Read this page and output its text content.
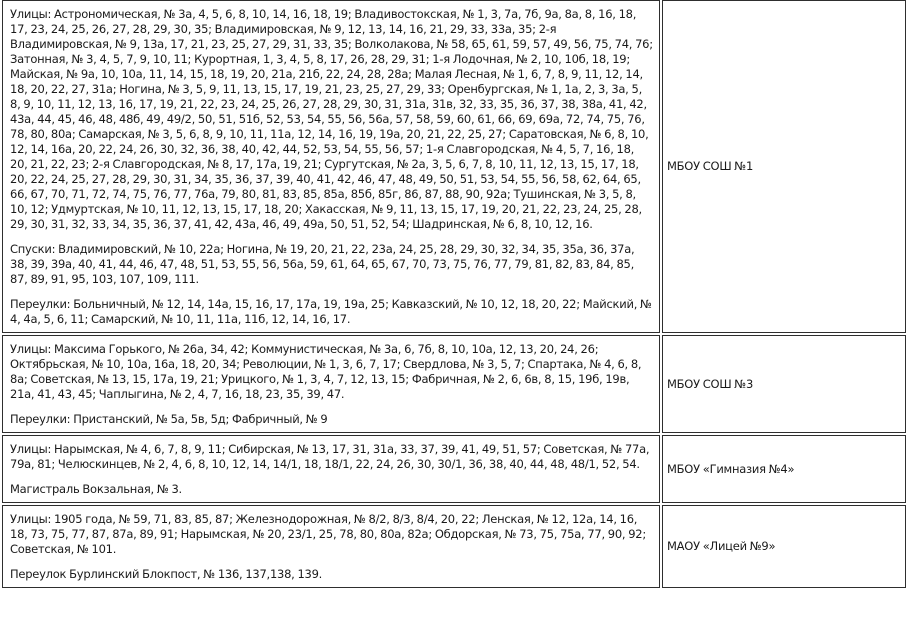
Улицы: Астрономическая, № 3а, 4, 5, 6, 8, 10, 14, 16, 18, 19; Владивостокская, № 1, 3, 7а, 7б, 9а, 8а, 8, 16, 18, 17, 23, 24, 25, 26, 27, 28, 29, 30, 35; Владимировская, № 9, 12, 13, 14, 16, 21, 29, 33, 33а, 35; 2-я Владимировская, № 9, 13а, 17, 21, 23, 25, 27, 29, 31, 33, 35; Волколакова, № 58, 65, 61, 59, 57, 49, 56, 75, 74, 76; Затонная, № 3, 4, 5, 7, 9, 10, 11; Курортная, 1, 3, 4, 5, 8, 17, 26, 28, 29, 31; 1-я Лодочная, № 2, 10, 10б, 18, 19; Майская, № 9а, 10, 10а, 11, 14, 15, 18, 19, 20, 21а, 21б, 22, 24, 28, 28а; Малая Лесная, № 1, 6, 7, 8, 9, 11, 12, 14, 18, 20, 22, 27, 31а; Ногина, № 3, 5, 9, 11, 13, 15, 17, 19, 21, 23, 25, 27, 29, 33; Оренбургская, № 1, 1а, 2, 3, 3а, 5, 8, 9, 10, 11, 12, 13, 16, 17, 19, 21, 22, 23, 24, 25, 26, 27, 28, 29, 30, 31, 31а, 31в, 32, 33, 35, 36, 37, 38, 38а, 41, 42, 43а, 44, 45, 46, 48, 48б, 49, 49/2, 50, 51, 51б, 52, 53, 54, 55, 56, 56а, 57, 58, 59, 60, 61, 66, 69, 69а, 72, 74, 75, 76, 78, 80, 80а; Самарская, № 3, 5, 6, 8, 9, 10, 11, 11а, 12, 14, 16, 19, 19а, 20, 21, 22, 25, 27; Саратовская, № 6, 8, 10, 12, 14, 16а, 20, 22, 24, 26, 30, 32, 36, 38, 40, 42, 44, 52, 53, 54, 55, 56, 57; 1-я Славгородская, № 4, 5, 7, 16, 18, 20, 21, 22, 23; 2-я Славгородская, № 8, 17, 17а, 19, 21; Сургутская, № 2а, 3, 5, 6, 7, 8, 10, 11, 12, 13, 15, 17, 18, 20, 22, 24, 25, 27, 28, 29, 30, 31, 34, 35, 36, 37, 39, 40, 41, 42, 46, 47, 48, 49, 50, 51, 53, 54, 55, 56, 58, 62, 64, 65, 66, 67, 70, 71, 72, 74, 75, 76, 77, 76а, 79, 80, 81, 83, 85, 85а, 85б, 85г, 86, 87, 88, 90, 92а; Тушинская, № 3, 5, 8, 10, 12; Удмуртская, № 10, 11, 12, 13, 15, 17, 18, 20; Хакасская, № 9, 11, 13, 15, 17, 19, 20, 21, 22, 23, 24, 25, 28, 29, 30, 31, 32, 33, 34, 35, 36, 37, 41, 42, 43а, 46, 49, 49а, 50, 51, 52, 54; Шадринская, № 6, 8, 10, 12, 16.

Спуски: Владимировский, № 10, 22а; Ногина, № 19, 20, 21, 22, 23а, 24, 25, 28, 29, 30, 32, 34, 35, 35а, 36, 37а, 38, 39, 39а, 40, 41, 44, 46, 47, 48, 51, 53, 55, 56, 56а, 59, 61, 64, 65, 67, 70, 73, 75, 76, 77, 79, 81, 82, 83, 84, 85, 87, 89, 91, 95, 103, 107, 109, 111.

Переулки: Больничный, № 12, 14, 14а, 15, 16, 17, 17а, 19, 19а, 25; Кавказский, № 10, 12, 18, 20, 22; Майский, № 4, 4а, 5, 6, 11; Самарский, № 10, 11, 11а, 11б, 12, 14, 16, 17.	МБОУ СОШ №1

Улицы: Максима Горького, № 26а, 34, 42; Коммунистическая, № 3а, 6, 7б, 8, 10, 10а, 12, 13, 20, 24, 26; Октябрьская, № 10, 10а, 16а, 18, 20, 34; Революции, № 1, 3, 6, 7, 17; Свердлова, № 3, 5, 7; Спартака, № 4, 6, 8, 8а; Советская, № 13, 15, 17а, 19, 21; Урицкого, № 1, 3, 4, 7, 12, 13, 15; Фабричная, № 2, 6, 6в, 8, 15, 19б, 19в, 21а, 41, 43, 45; Чаплыгина, № 2, 4, 7, 16, 18, 23, 35, 39, 47.

Переулки: Пристанский, № 5а, 5в, 5д; Фабричный, № 9	МБОУ СОШ №3

Улицы: Нарымская, № 4, 6, 7, 8, 9, 11; Сибирская, № 13, 17, 31, 31а, 33, 37, 39, 41, 49, 51, 57; Советская, № 77а, 79а, 81; Челюскинцев, № 2, 4, 6, 8, 10, 12, 14, 14/1, 18, 18/1, 22, 24, 26, 30, 30/1, 36, 38, 40, 44, 48, 48/1, 52, 54.

Магистраль Вокзальная, № 3.	МБОУ «Гимназия №4»

Улицы: 1905 года, № 59, 71, 83, 85, 87; Железнодорожная, № 8/2, 8/3, 8/4, 20, 22; Ленская, № 12, 12а, 14, 16, 18, 73, 75, 77, 87, 87а, 89, 91; Нарымская, № 20, 23/1, 25, 78, 80, 80а, 82а; Обдорская, № 73, 75, 75а, 77, 90, 92; Советская, № 101.

Переулок Бурлинский Блокпост, № 136, 137,138, 139.	МАОУ «Лицей №9»
